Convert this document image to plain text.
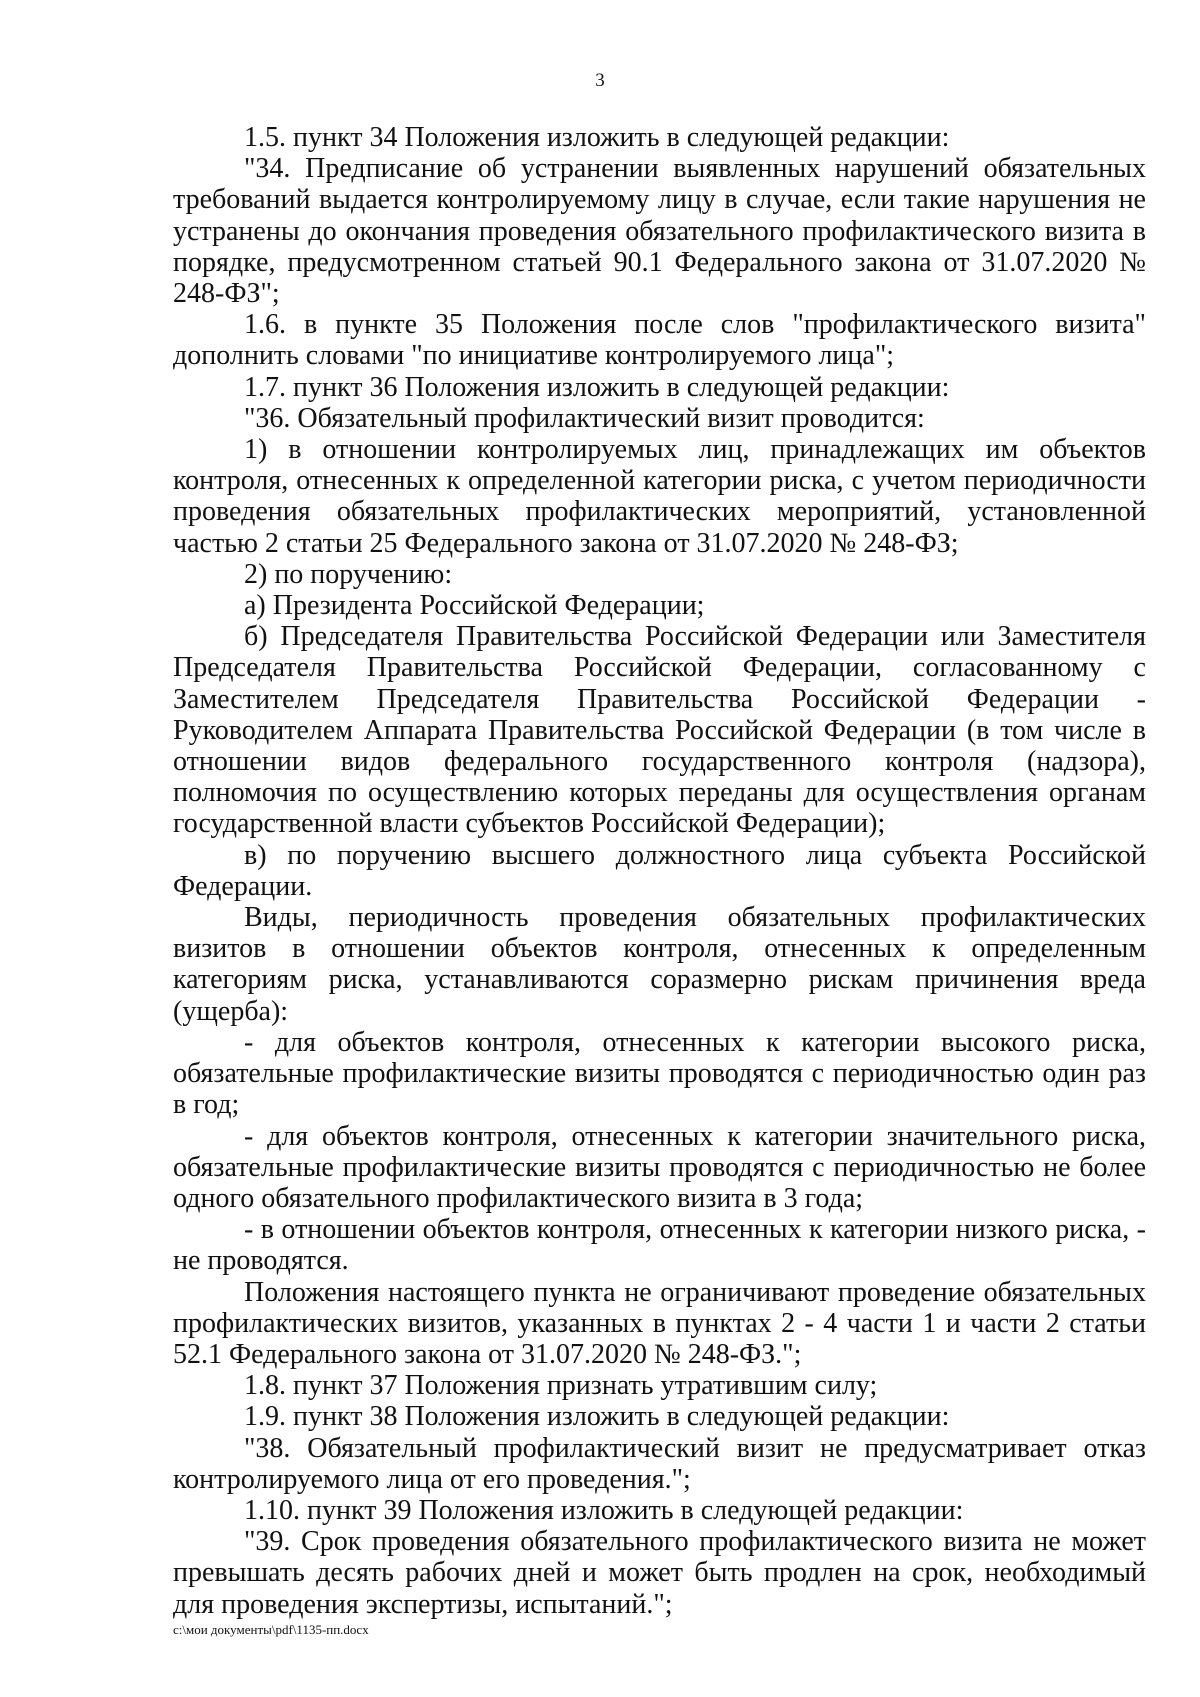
3

1.5. пункт 34 Положения изложить в следующей редакции:

"34. Предписание об устранении выявленных нарушений обязательных требований выдается контролируемому лицу в случае, если такие нарушения не устранены до окончания проведения обязательного профилактического визита в порядке, предусмотренном статьей 90.1 Федерального закона от 31.07.2020 № 248-ФЗ";

1.6. в пункте 35 Положения после слов "профилактического визита" дополнить словами "по инициативе контролируемого лица";

1.7. пункт 36 Положения изложить в следующей редакции:

"36. Обязательный профилактический визит проводится:

1) в отношении контролируемых лиц, принадлежащих им объектов контроля, отнесенных к определенной категории риска, с учетом периодичности проведения обязательных профилактических мероприятий, установленной частью 2 статьи 25 Федерального закона от 31.07.2020 № 248-ФЗ;

2) по поручению:

а) Президента Российской Федерации;

б) Председателя Правительства Российской Федерации или Заместителя Председателя Правительства Российской Федерации, согласованному с Заместителем Председателя Правительства Российской Федерации - Руководителем Аппарата Правительства Российской Федерации (в том числе в отношении видов федерального государственного контроля (надзора), полномочия по осуществлению которых переданы для осуществления органам государственной власти субъектов Российской Федерации);

в) по поручению высшего должностного лица субъекта Российской Федерации.

Виды, периодичность проведения обязательных профилактических визитов в отношении объектов контроля, отнесенных к определенным категориям риска, устанавливаются соразмерно рискам причинения вреда (ущерба):

- для объектов контроля, отнесенных к категории высокого риска, обязательные профилактические визиты проводятся с периодичностью один раз в год;

- для объектов контроля, отнесенных к категории значительного риска, обязательные профилактические визиты проводятся с периодичностью не более одного обязательного профилактического визита в 3 года;

- в отношении объектов контроля, отнесенных к категории низкого риска, - не проводятся.

Положения настоящего пункта не ограничивают проведение обязательных профилактических визитов, указанных в пунктах 2 - 4 части 1 и части 2 статьи 52.1 Федерального закона от 31.07.2020 № 248-ФЗ.";

1.8. пункт 37 Положения признать утратившим силу;

1.9. пункт 38 Положения изложить в следующей редакции:

"38. Обязательный профилактический визит не предусматривает отказ контролируемого лица от его проведения.";

1.10. пункт 39 Положения изложить в следующей редакции:

"39. Срок проведения обязательного профилактического визита не может превышать десять рабочих дней и может быть продлен на срок, необходимый для проведения экспертизы, испытаний.";

c:\мои документы\pdf\1135-пп.docx
